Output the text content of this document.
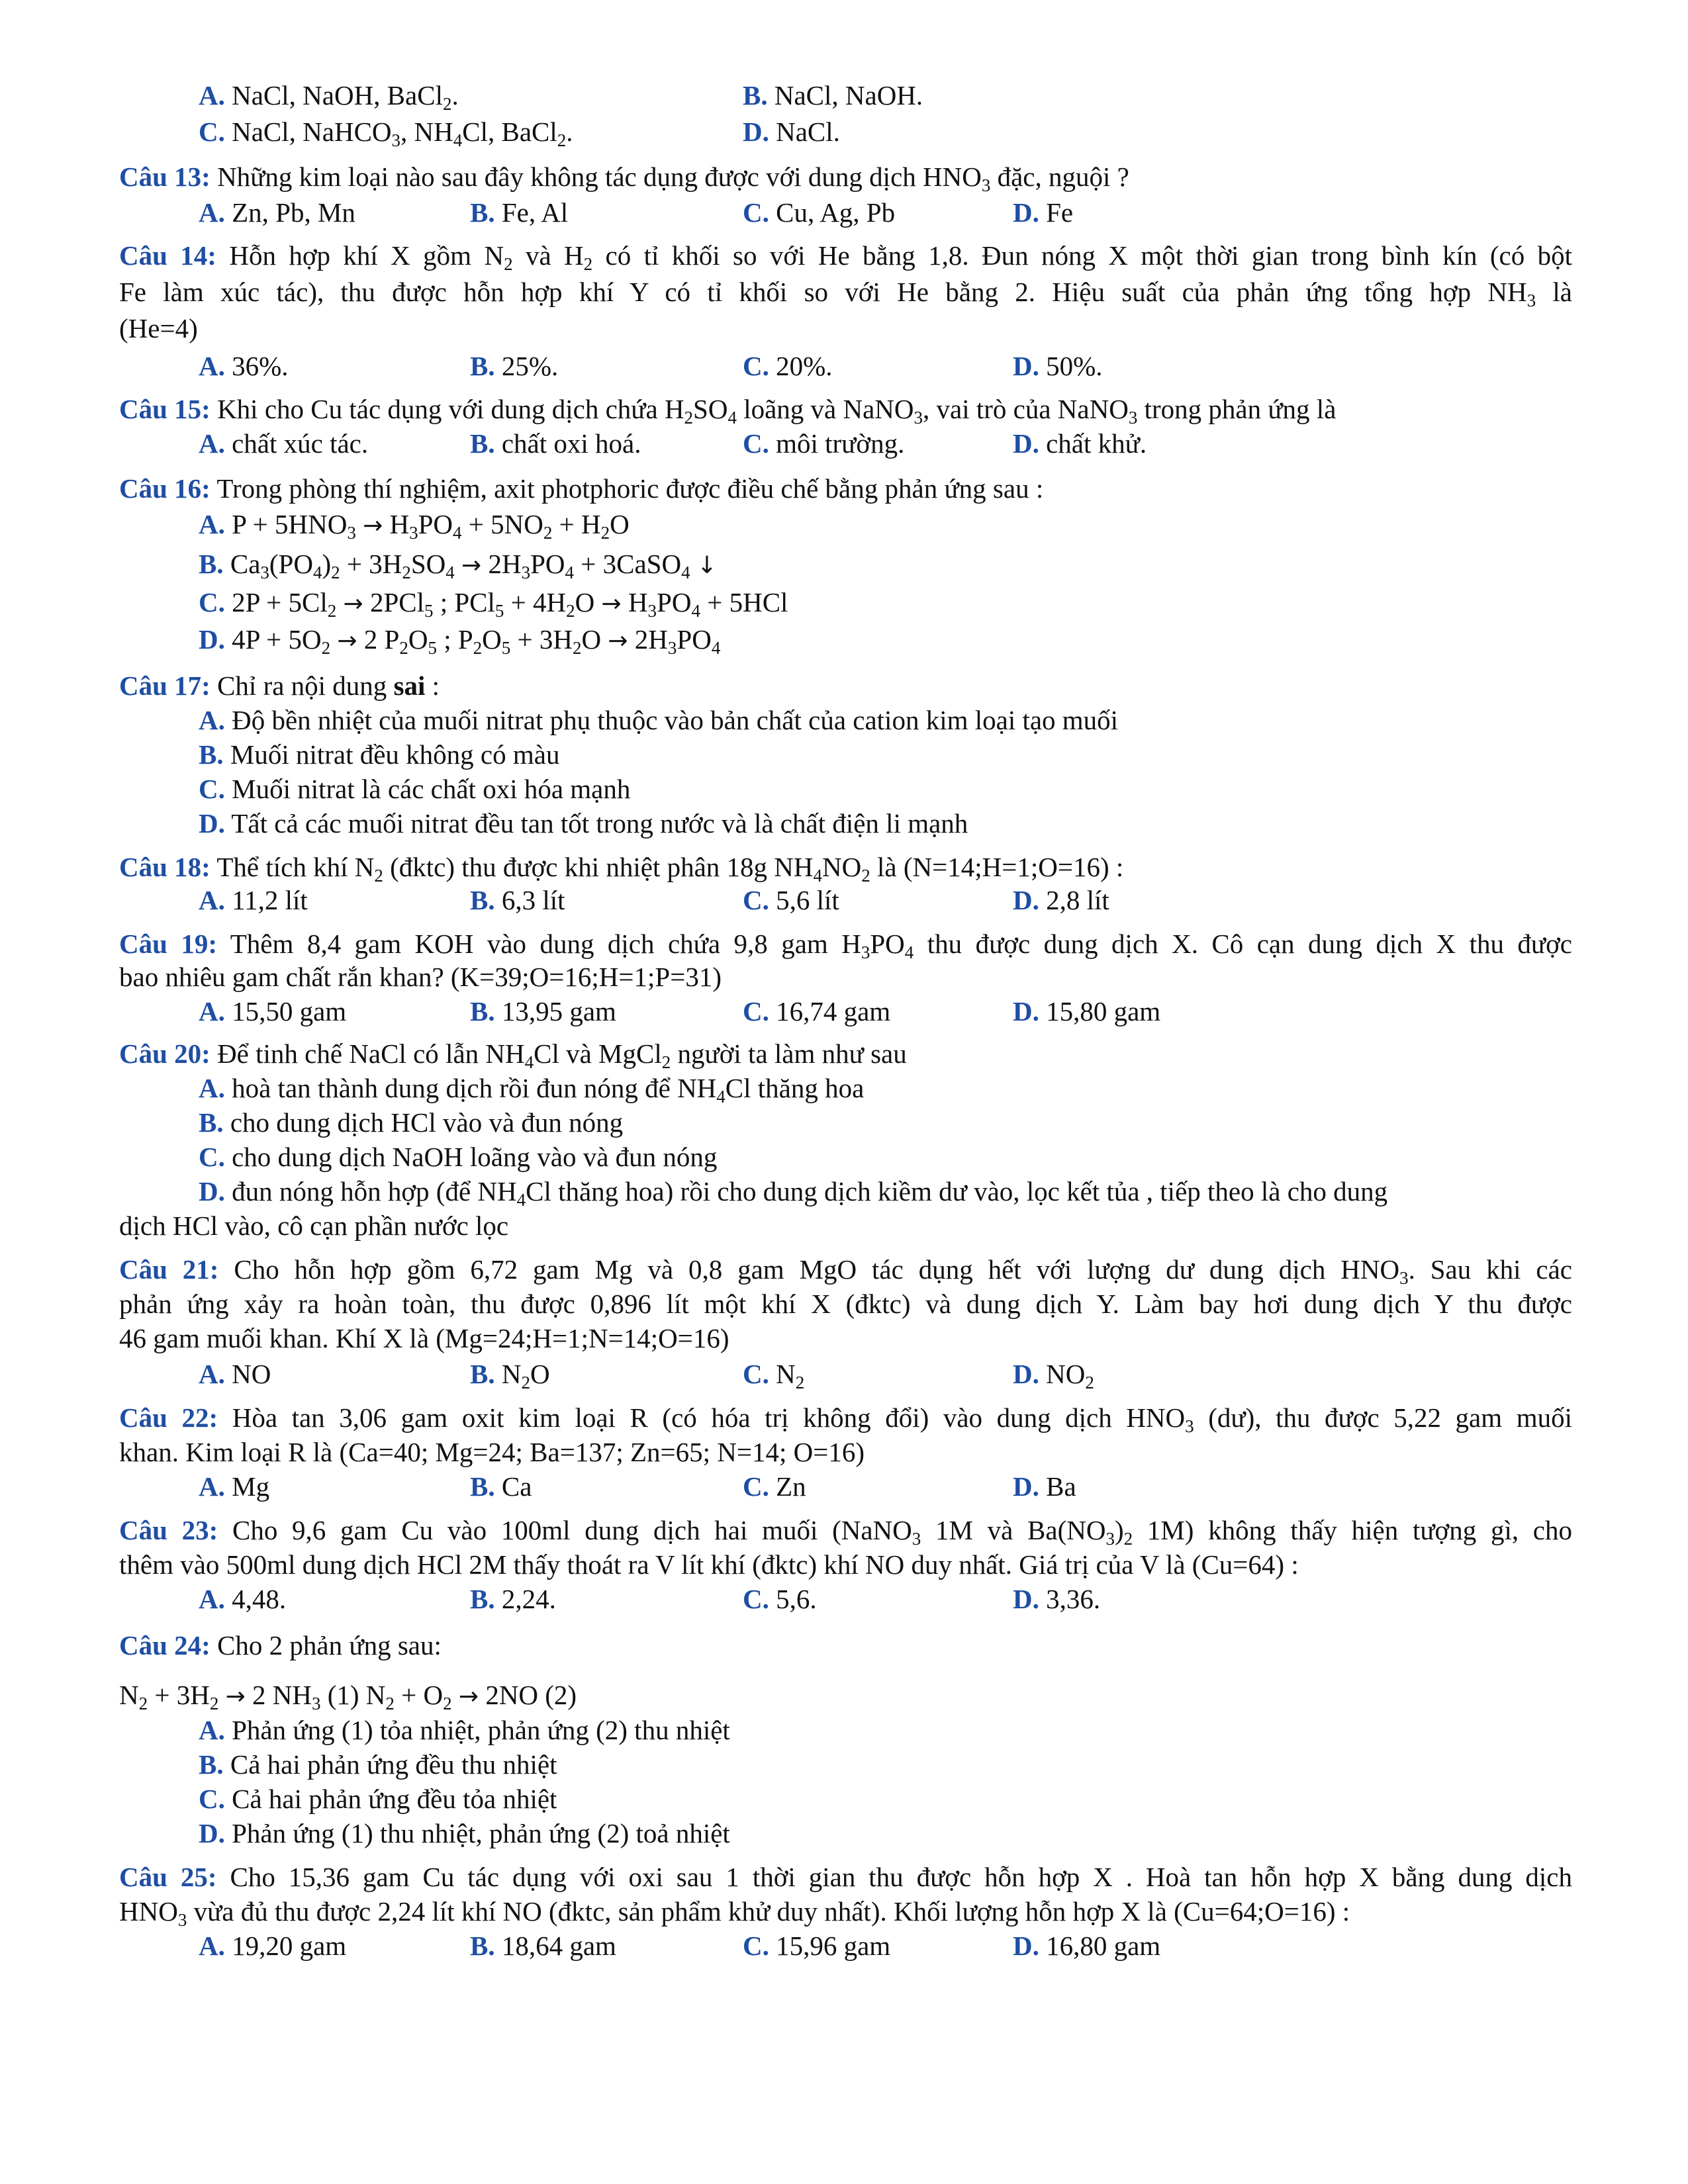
A. NaCl, NaOH, BaCl$_2$.	B. NaCl, NaOH.
C. NaCl, NaHCO$_3$, $NH_4Cl$, BaCl$_2$.	D. NaCl.
Câu 13: Những kim loại nào sau đây không tác dụng được với dung dịch $HNO_3$ đặc, nguội ?
A. Zn, Pb, Mn	B. Fe, Al	C. Cu, Ag, Pb	D. Fe
Câu 14: Hỗn hợp khí X gồm $N_2$ và $H_2$ có tỉ khối so với He bằng 1,8. Đun nóng X một thời gian trong bình kín (có bột
Fe làm xúc tác), thu được hỗn hợp khí Y có tỉ khối so với He bằng 2. Hiệu suất của phản ứng tổng hợp $NH_3$ là
(He=4)
A. 36%.	B. 25%.	C. 20%.	D. 50%.
Câu 15: Khi cho Cu tác dụng với dung dịch chứa $H_2SO_4$ loãng và NaNO$_3$, vai trò của NaNO$_3$ trong phản ứng là
A. chất xúc tác.	B. chất oxi hoá.	C. môi trường.	D. chất khử.
Câu 16: Trong phòng thí nghiệm, axit photphoric được điều chế bằng phản ứng sau :
A. $P + 5HNO_3 \to H_3PO_4 + 5NO_2 + H_2O$
B. $Ca_3(PO_4)_2 + 3H_2SO_4 \to 2H_3PO_4$ + 3CaSO$_4$ ↓
C. $2P + 5Cl_2 \to 2PCl_5$ ; $PCl_5 + 4H_2O \to H_3PO_4 + 5HCl$
D. $4P + 5O_2 \to 2$ $P_2O_5$ ; $P_2O_5 + 3H_2O \to 2H_3PO_4$
Câu 17: Chỉ ra nội dung sai :
A. Độ bền nhiệt của muối nitrat phụ thuộc vào bản chất của cation kim loại tạo muối
B. Muối nitrat đều không có màu
C. Muối nitrat là các chất oxi hóa mạnh
D. Tất cả các muối nitrat đều tan tốt trong nước và là chất điện li mạnh
Câu 18: Thể tích khí $N_2$ (đktc) thu được khi nhiệt phân 18g $NH_4NO_2$ là (N=14;H=1;O=16) :
A. 11,2 lít	B. 6,3 lít	C. 5,6 lít	D. 2,8 lít
Câu 19: Thêm 8,4 gam KOH vào dung dịch chứa 9,8 gam $H_3PO_4$ thu được dung dịch X. Cô cạn dung dịch X thu được
bao nhiêu gam chất rắn khan? (K=39;O=16;H=1;P=31)
A. 15,50 gam	B. 13,95 gam	C. 16,74 gam	D. 15,80 gam
Câu 20: Để tinh chế NaCl có lẫn $NH_4Cl$ và MgCl$_2$ người ta làm như sau
A. hoà tan thành dung dịch rồi đun nóng để $NH_4Cl$ thăng hoa
B. cho dung dịch HCl vào và đun nóng
C. cho dung dịch NaOH loãng vào và đun nóng
D. đun nóng hỗn hợp (để $NH_4Cl$ thăng hoa) rồi cho dung dịch kiềm dư vào, lọc kết tủa , tiếp theo là cho dung
dịch HCl vào, cô cạn phần nước lọc
Câu 21: Cho hỗn hợp gồm 6,72 gam Mg và 0,8 gam MgO tác dụng hết với lượng dư dung dịch $HNO_3$. Sau khi các
phản ứng xảy ra hoàn toàn, thu được 0,896 lít một khí X (đktc) và dung dịch Y. Làm bay hơi dung dịch Y thu được
46 gam muối khan. Khí X là (Mg=24;H=1;N=14;O=16)
A. NO	B. $N_2O$	C. $N_2$	D. $NO_2$
Câu 22: Hòa tan 3,06 gam oxit kim loại R (có hóa trị không đổi) vào dung dịch $HNO_3$ (dư), thu được 5,22 gam muối
khan. Kim loại R là (Ca=40; Mg=24; Ba=137; Zn=65; N=14; O=16)
A. Mg	B. Ca	C. Zn	D. Ba
Câu 23: Cho 9,6 gam Cu vào 100ml dung dịch hai muối (NaNO$_3$ 1M và $Ba(NO_3)_2$ 1M) không thấy hiện tượng gì, cho
thêm vào 500ml dung dịch HCl 2M thấy thoát ra V lít khí (đktc) khí NO duy nhất. Giá trị của V là (Cu=64) :
A. 4,48.	B. 2,24.	C. 5,6.	D. 3,36.
Câu 24: Cho 2 phản ứng sau:
$N_2 + 3H_2 \to 2$ $NH_3$ (1) $N_2 + O_2 \to 2NO$ (2)
A. Phản ứng (1) tỏa nhiệt, phản ứng (2) thu nhiệt
B. Cả hai phản ứng đều thu nhiệt
C. Cả hai phản ứng đều tỏa nhiệt
D. Phản ứng (1) thu nhiệt, phản ứng (2) toả nhiệt
Câu 25: Cho 15,36 gam Cu tác dụng với oxi sau 1 thời gian thu được hỗn hợp X . Hoà tan hỗn hợp X bằng dung dịch
$HNO_3$ vừa đủ thu được 2,24 lít khí NO (đktc, sản phẩm khử duy nhất). Khối lượng hỗn hợp X là (Cu=64;O=16) :
A. 19,20 gam	B. 18,64 gam	C. 15,96 gam	D. 16,80 gam
